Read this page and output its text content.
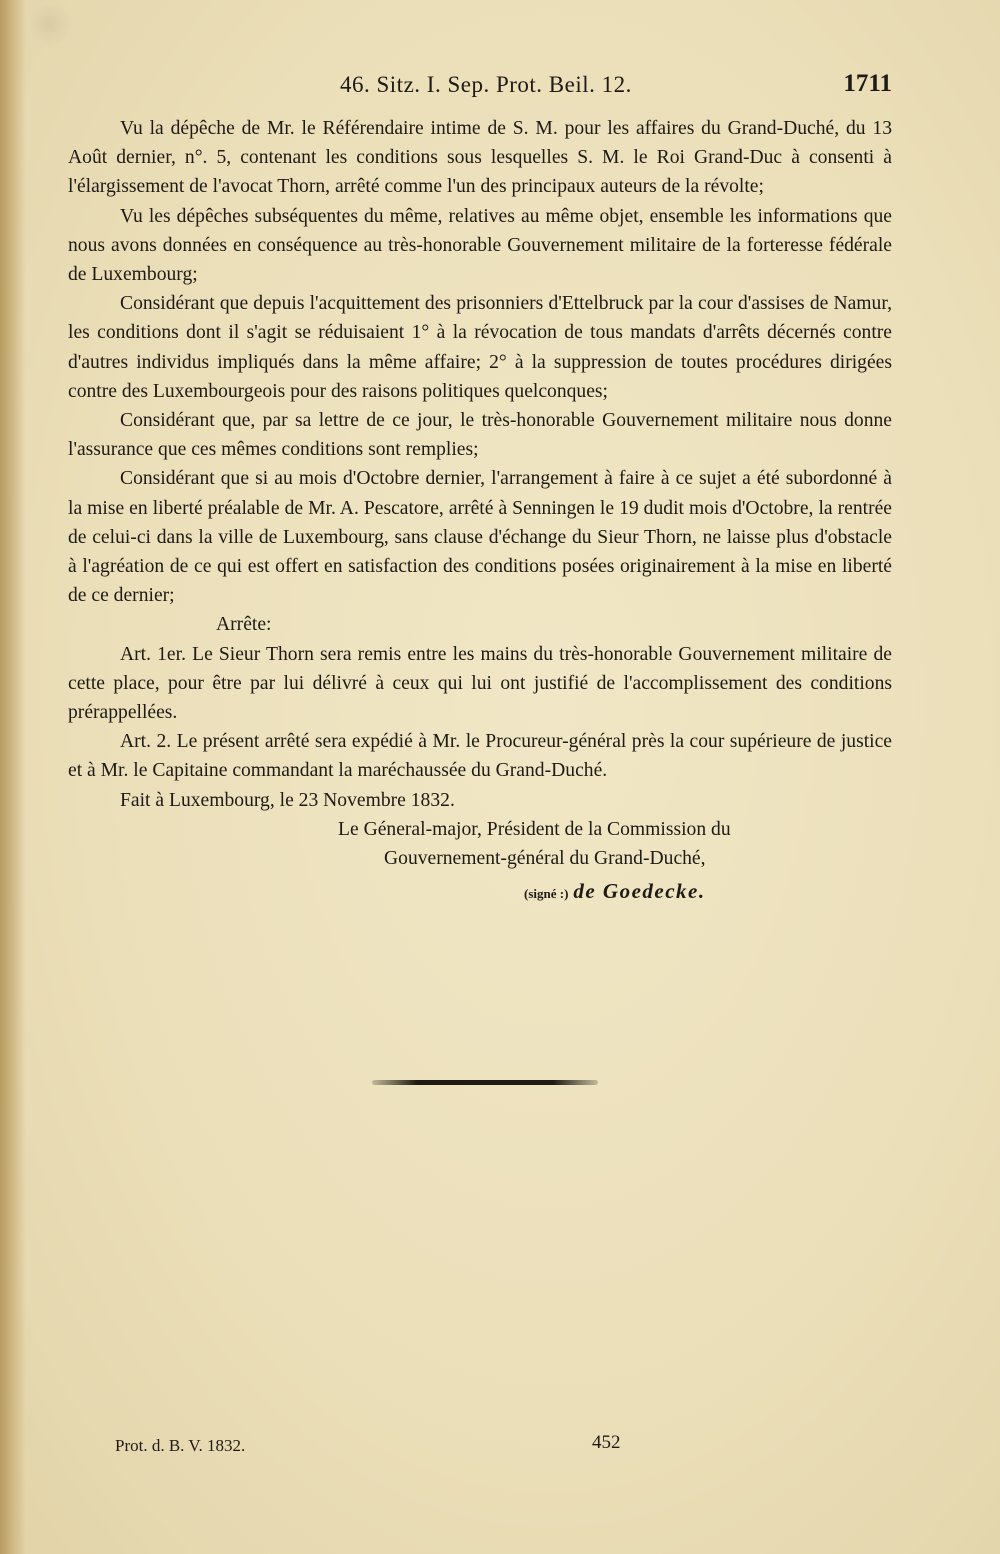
46. Sitz. I. Sep. Prot. Beil. 12.	1711

Vu la dépêche de Mr. le Référendaire intime de S. M. pour les affaires du Grand-Duché, du 13 Août dernier, n°. 5, contenant les conditions sous lesquelles S. M. le Roi Grand-Duc à consenti à l'élargissement de l'avocat Thorn, arrêté comme l'un des principaux auteurs de la révolte;

Vu les dépêches subséquentes du même, relatives au même objet, ensemble les informations que nous avons données en conséquence au très-honorable Gouvernement militaire de la forteresse fédérale de Luxembourg;

Considérant que depuis l'acquittement des prisonniers d'Ettelbruck par la cour d'assises de Namur, les conditions dont il s'agit se réduisaient 1° à la révocation de tous mandats d'arrêts décernés contre d'autres individus impliqués dans la même affaire; 2° à la suppression de toutes procédures dirigées contre des Luxembourgeois pour des raisons politiques quelconques;

Considérant que, par sa lettre de ce jour, le très-honorable Gouvernement militaire nous donne l'assurance que ces mêmes conditions sont remplies;

Considérant que si au mois d'Octobre dernier, l'arrangement à faire à ce sujet a été subordonné à la mise en liberté préalable de Mr. A. Pescatore, arrêté à Senningen le 19 dudit mois d'Octobre, la rentrée de celui-ci dans la ville de Luxembourg, sans clause d'échange du Sieur Thorn, ne laisse plus d'obstacle à l'agréation de ce qui est offert en satisfaction des conditions posées originairement à la mise en liberté de ce dernier;

Arrête:

Art. 1er. Le Sieur Thorn sera remis entre les mains du très-honorable Gouvernement militaire de cette place, pour être par lui délivré à ceux qui lui ont justifié de l'accomplissement des conditions prérappellées.

Art. 2. Le présent arrêté sera expédié à Mr. le Procureur-général près la cour supérieure de justice et à Mr. le Capitaine commandant la maréchaussée du Grand-Duché.

Fait à Luxembourg, le 23 Novembre 1832.

Le Géneral-major, Président de la Commission du

Gouvernement-général du Grand-Duché,

(signé :) de Goedecke.

Prot. d. B. V. 1832.	452
